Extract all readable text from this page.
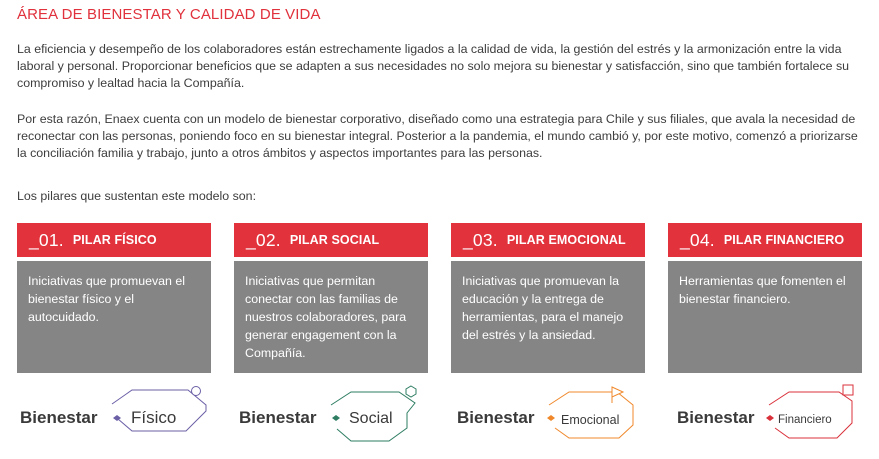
ÁREA DE BIENESTAR Y CALIDAD DE VIDA

La eficiencia y desempeño de los colaboradores están estrechamente ligados a la calidad de vida, la gestión del estrés y la armonización entre la vida laboral y personal. Proporcionar beneficios que se adapten a sus necesidades no solo mejora su bienestar y satisfacción, sino que también fortalece su compromiso y lealtad hacia la Compañía.

Por esta razón, Enaex cuenta con un modelo de bienestar corporativo, diseñado como una estrategia para Chile y sus filiales, que avala la necesidad de reconectar con las personas, poniendo foco en su bienestar integral. Posterior a la pandemia, el mundo cambió y, por este motivo, comenzó a priorizarse la conciliación familia y trabajo, junto a otros ámbitos y aspectos importantes para las personas.

Los pilares que sustentan este modelo son:

_01. PILAR FÍSICO
Iniciativas que promuevan el bienestar físico y el autocuidado.
_02. PILAR SOCIAL
Iniciativas que permitan conectar con las familias de nuestros colaboradores, para generar engagement con la Compañía.
_03. PILAR EMOCIONAL
Iniciativas que promuevan la educación y la entrega de herramientas, para el manejo del estrés y la ansiedad.
_04. PILAR FINANCIERO
Herramientas que fomenten el bienestar financiero.
Bienestar Físico	Bienestar Social	Bienestar Emocional	Bienestar Financiero
